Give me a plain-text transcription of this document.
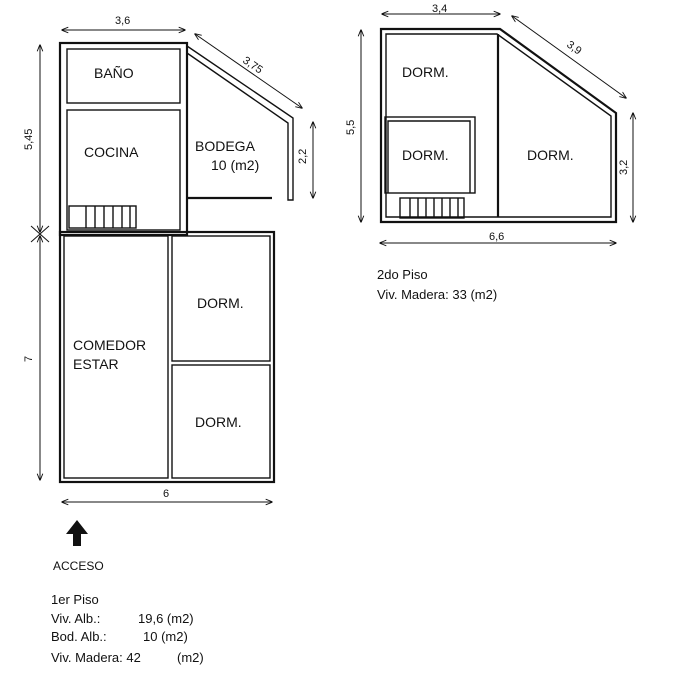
BAÑO
COCINA	BODEGA
10 (m2)
COMEDOR
ESTAR
DORM.
DORM.
3,6
3,75
5,45
7
2,2
6
ACCESO
1er Piso
Viv. Alb.:	19,6 (m2)
Bod. Alb.:	10 (m2)
Viv. Madera: 42	(m2)
DORM.
DORM.	DORM.
3,4
3,9
5,5
3,2
6,6
2do Piso
Viv. Madera: 33 (m2)
